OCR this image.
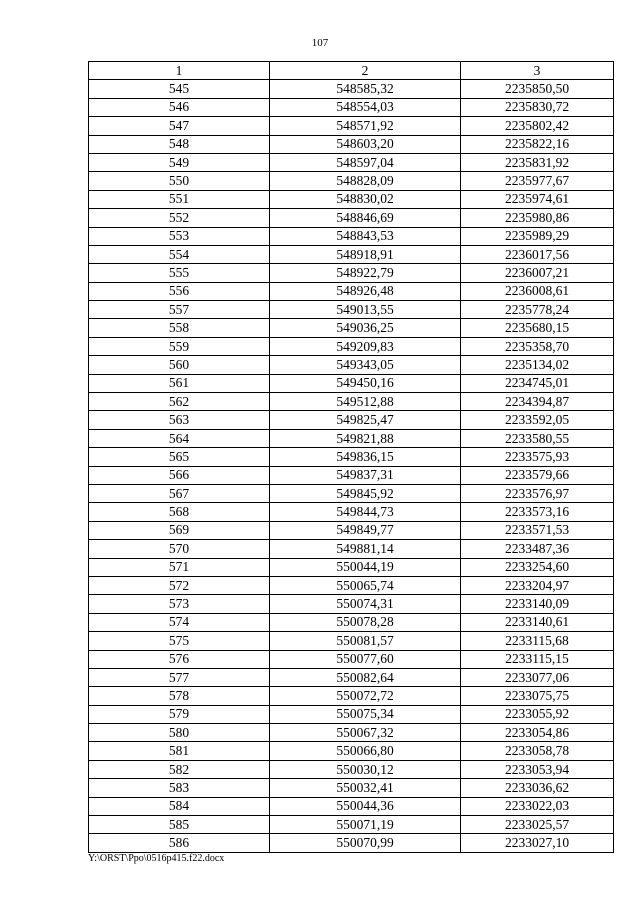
107
1	2	3
545	548585,32	2235850,50
546	548554,03	2235830,72
547	548571,92	2235802,42
548	548603,20	2235822,16
549	548597,04	2235831,92
550	548828,09	2235977,67
551	548830,02	2235974,61
552	548846,69	2235980,86
553	548843,53	2235989,29
554	548918,91	2236017,56
555	548922,79	2236007,21
556	548926,48	2236008,61
557	549013,55	2235778,24
558	549036,25	2235680,15
559	549209,83	2235358,70
560	549343,05	2235134,02
561	549450,16	2234745,01
562	549512,88	2234394,87
563	549825,47	2233592,05
564	549821,88	2233580,55
565	549836,15	2233575,93
566	549837,31	2233579,66
567	549845,92	2233576,97
568	549844,73	2233573,16
569	549849,77	2233571,53
570	549881,14	2233487,36
571	550044,19	2233254,60
572	550065,74	2233204,97
573	550074,31	2233140,09
574	550078,28	2233140,61
575	550081,57	2233115,68
576	550077,60	2233115,15
577	550082,64	2233077,06
578	550072,72	2233075,75
579	550075,34	2233055,92
580	550067,32	2233054,86
581	550066,80	2233058,78
582	550030,12	2233053,94
583	550032,41	2233036,62
584	550044,36	2233022,03
585	550071,19	2233025,57
586	550070,99	2233027,10
Y:\ORST\Ppo\0516p415.f22.docx
